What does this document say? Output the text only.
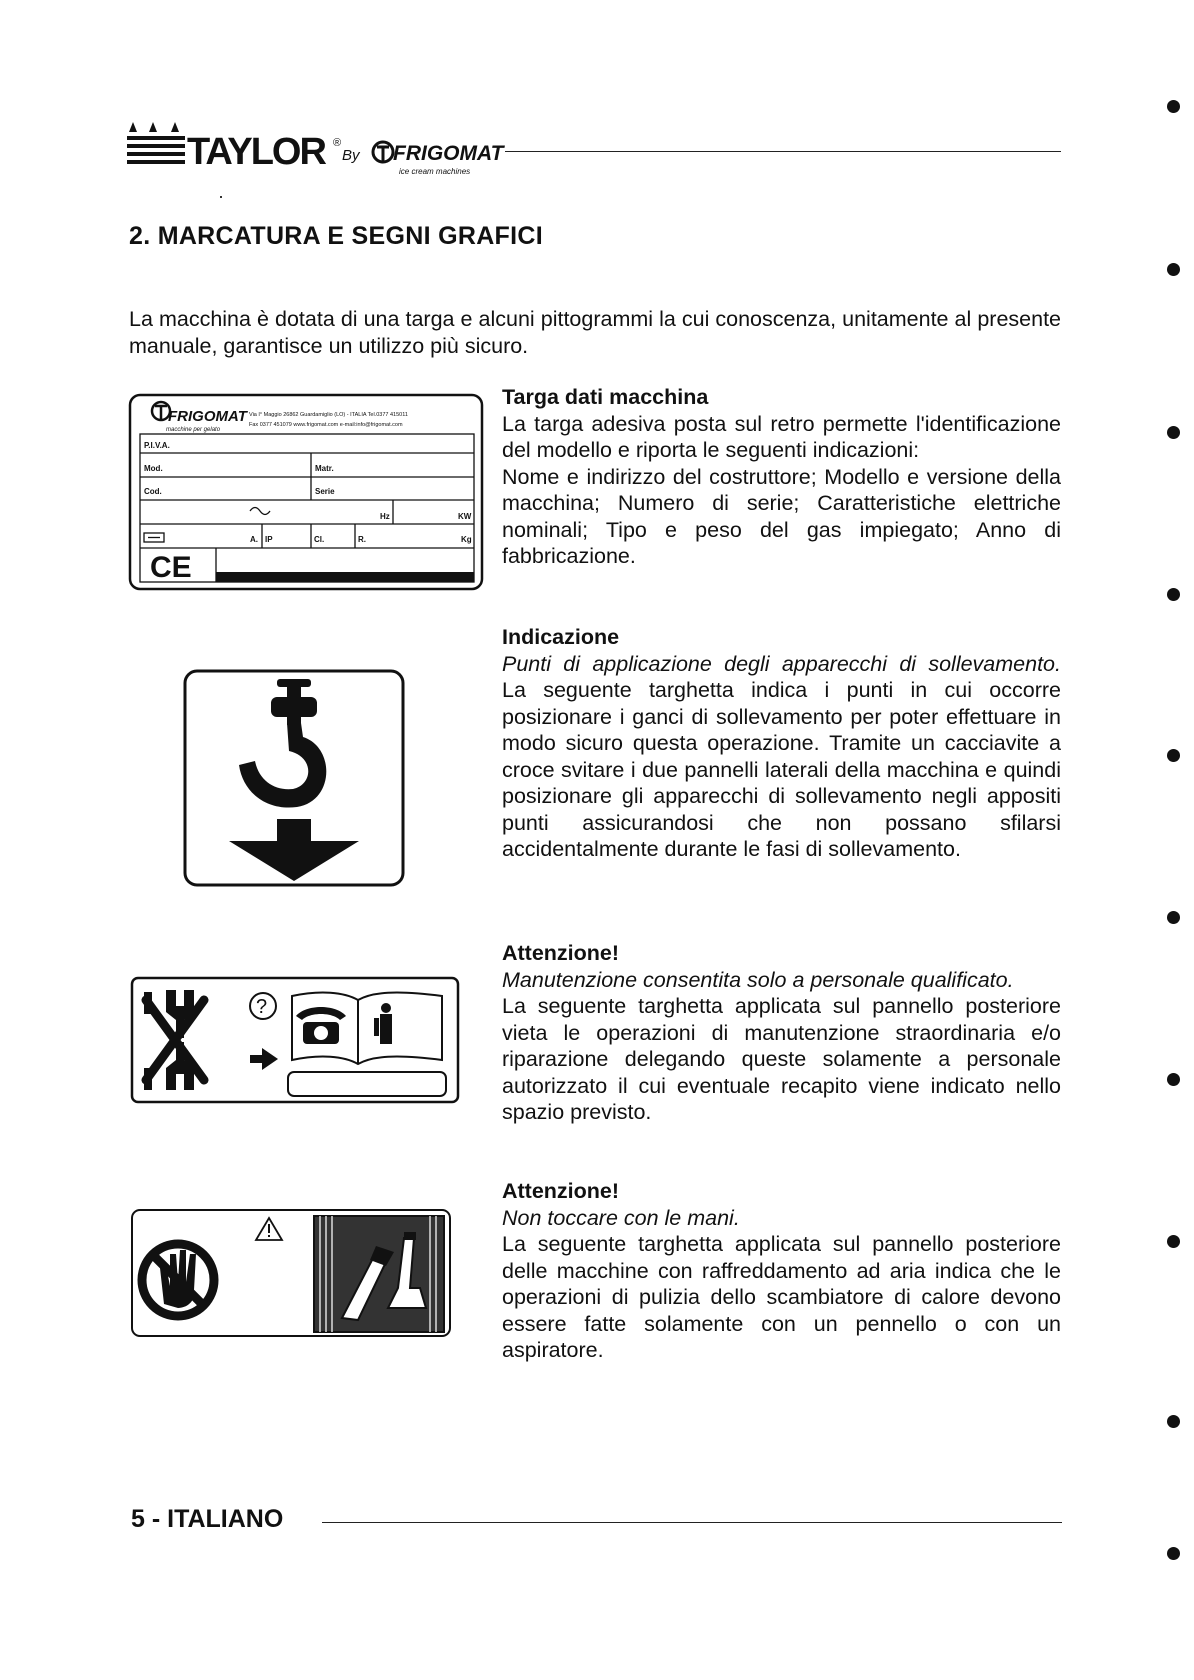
TAYLOR ®
By FRIGOMAT
ice cream machines
2. MARCATURA E SEGNI GRAFICI
La macchina è dotata di una targa e alcuni pittogrammi la cui conoscenza, unitamente al presente manuale, garantisce un utilizzo più sicuro.
FRIGOMAT
macchine per gelato
Via I° Maggio 26862 Guardamiglio (LO) - ITALIA Tel.0377 415011
Fax 0377 451079 www.frigomat.com e-mail:info@frigomat.com
P.I.V.A.
Mod.	Matr.
Cod.	Serie
Hz	KW
A. IP	Cl.	R.	Kg
CE
Targa dati macchina
La targa adesiva posta sul retro permette l'identificazione del modello e riporta le seguenti indicazioni:
Nome e indirizzo del costruttore; Modello e versione della macchina; Numero di serie; Caratteristiche elettriche nominali; Tipo e peso del gas impiegato; Anno di fabbricazione.
Indicazione
Punti di applicazione degli apparecchi di sollevamento.
La seguente targhetta indica i punti in cui occorre posizionare i ganci di sollevamento per poter effettuare in modo sicuro questa operazione. Tramite un cacciavite a croce svitare i due pannelli laterali della macchina e quindi posizionare gli apparecchi di sollevamento negli appositi punti assicurandosi che non possano sfilarsi accidentalmente durante le fasi di sollevamento.
?
Attenzione!
Manutenzione consentita solo a personale qualificato.
La seguente targhetta applicata sul pannello posteriore vieta le operazioni di manutenzione straordinaria e/o riparazione delegando queste solamente a personale autorizzato il cui eventuale recapito viene indicato nello spazio previsto.
Attenzione!
Non toccare con le mani.
La seguente targhetta applicata sul pannello posteriore delle macchine con raffreddamento ad aria indica che le operazioni di pulizia dello scambiatore di calore devono essere fatte solamente con un pennello o con un aspiratore.
5 - ITALIANO
